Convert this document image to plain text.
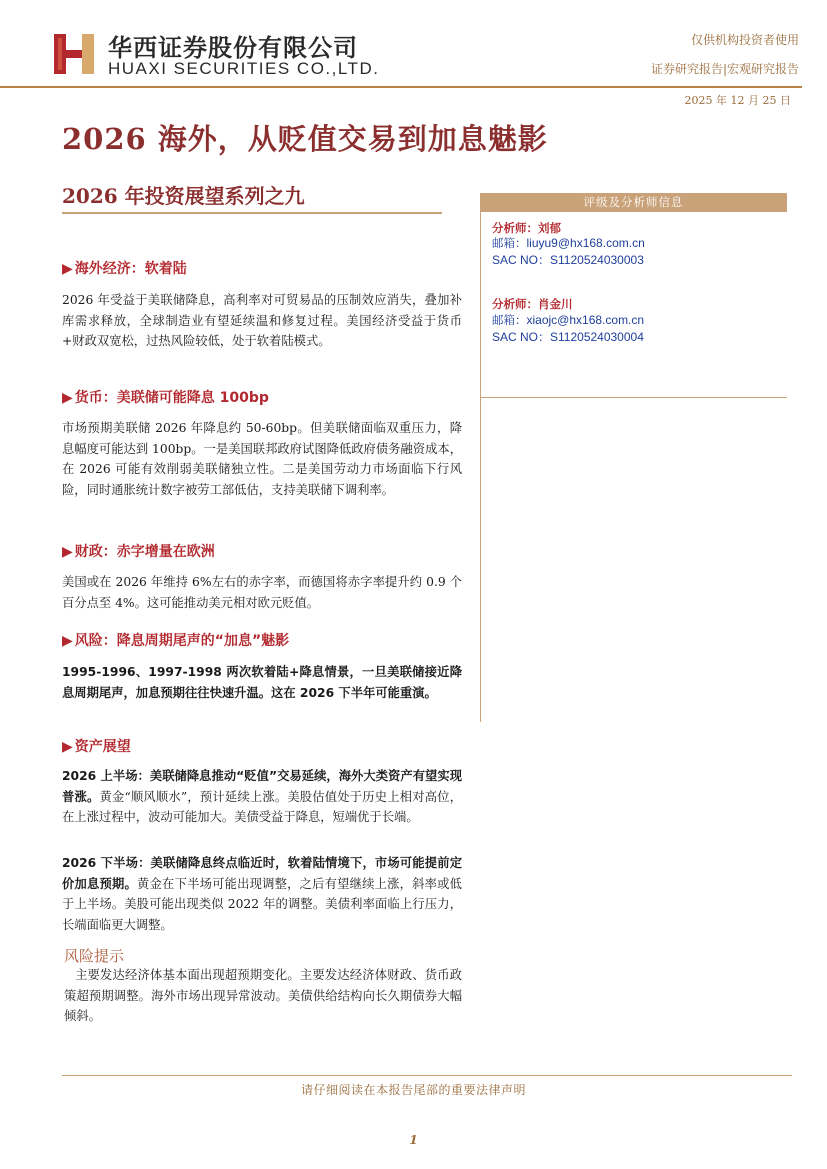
华西证券股份有限公司
HUAXI SECURITIES CO.,LTD.
仅供机构投资者使用
证券研究报告|宏观研究报告
2025 年 12 月 25 日
2026 海外，从贬值交易到加息魅影
2026 年投资展望系列之九
▶ 海外经济：软着陆
2026 年受益于美联储降息，高利率对可贸易品的压制效应消失，叠加补库需求释放，全球制造业有望延续温和修复过程。美国经济受益于货币+财政双宽松，过热风险较低，处于软着陆模式。
▶ 货币：美联储可能降息 100bp
市场预期美联储 2026 年降息约 50-60bp。但美联储面临双重压力，降息幅度可能达到 100bp。一是美国联邦政府试图降低政府债务融资成本，在 2026 可能有效削弱美联储独立性。二是美国劳动力市场面临下行风险，同时通胀统计数字被劳工部低估，支持美联储下调利率。
▶ 财政：赤字增量在欧洲
美国或在 2026 年维持 6%左右的赤字率，而德国将赤字率提升约 0.9 个百分点至 4%。这可能推动美元相对欧元贬值。
▶ 风险：降息周期尾声的“加息”魅影
1995-1996、1997-1998 两次软着陆+降息情景，一旦美联储接近降息周期尾声，加息预期往往快速升温。这在 2026 下半年可能重演。
▶ 资产展望
2026 上半场：美联储降息推动“贬值”交易延续，海外大类资产有望实现普涨。黄金“顺风顺水”，预计延续上涨。美股估值处于历史上相对高位，在上涨过程中，波动可能加大。美债受益于降息，短端优于长端。
2026 下半场：美联储降息终点临近时，软着陆情境下，市场可能提前定价加息预期。黄金在下半场可能出现调整，之后有望继续上涨，斜率或低于上半场。美股可能出现类似 2022 年的调整。美债利率面临上行压力，长端面临更大调整。
风险提示
主要发达经济体基本面出现超预期变化。主要发达经济体财政、货币政策超预期调整。海外市场出现异常波动。美债供给结构向长久期债券大幅倾斜。
评级及分析师信息
分析师：刘郁
邮箱：liuyu9@hx168.com.cn
SAC NO：S1120524030003
分析师：肖金川
邮箱：xiaojc@hx168.com.cn
SAC NO：S1120524030004
请仔细阅读在本报告尾部的重要法律声明
1
